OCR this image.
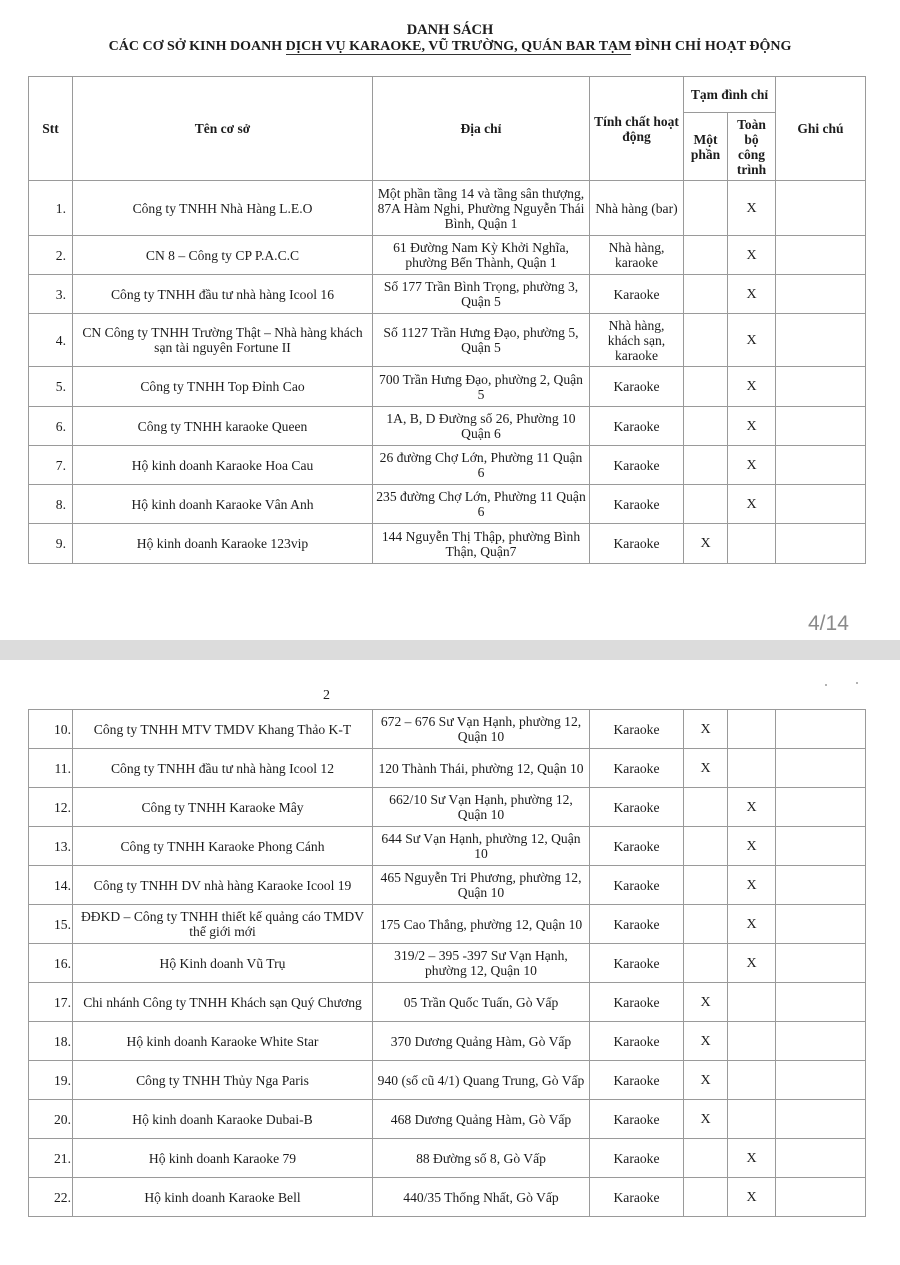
DANH SÁCH
CÁC CƠ SỞ KINH DOANH DỊCH VỤ KARAOKE, VŨ TRƯỜNG, QUÁN BAR TẠM ĐÌNH CHỈ HOẠT ĐỘNG
Stt	Tên cơ sở	Địa chỉ	Tính chất hoạt động	Tạm đình chỉ		Ghi chú
				Một phần	Toàn bộ công trình	
1.	Công ty TNHH Nhà Hàng L.E.O	Một phần tầng 14 và tầng sân thượng, 87A Hàm Nghi, Phường Nguyễn Thái Bình, Quận 1	Nhà hàng (bar)		X	
2.	CN 8 – Công ty CP P.A.C.C	61 Đường Nam Kỳ Khởi Nghĩa, phường Bến Thành, Quận 1	Nhà hàng, karaoke		X	
3.	Công ty TNHH đầu tư nhà hàng Icool 16	Số 177 Trần Bình Trọng, phường 3, Quận 5	Karaoke		X	
4.	CN Công ty TNHH Trường Thật – Nhà hàng khách sạn tài nguyên Fortune II	Số 1127 Trần Hưng Đạo, phường 5, Quận 5	Nhà hàng, khách sạn, karaoke		X	
5.	Công ty TNHH Top Đỉnh Cao	700 Trần Hưng Đạo, phường 2, Quận 5	Karaoke		X	
6.	Công ty TNHH karaoke Queen	1A, B, D Đường số 26, Phường 10 Quận 6	Karaoke		X	
7.	Hộ kinh doanh Karaoke Hoa Cau	26 đường Chợ Lớn, Phường 11 Quận 6	Karaoke		X	
8.	Hộ kinh doanh Karaoke Vân Anh	235 đường Chợ Lớn, Phường 11 Quận 6	Karaoke		X	
9.	Hộ kinh doanh Karaoke 123vip	144 Nguyễn Thị Thập, phường Bình Thận, Quận7	Karaoke	X		
4/14
2
10.	Công ty TNHH MTV TMDV Khang Thảo K-T	672 – 676 Sư Vạn Hạnh, phường 12, Quận 10	Karaoke	X		
11.	Công ty TNHH đầu tư nhà hàng Icool 12	120 Thành Thái, phường 12, Quận 10	Karaoke	X		
12.	Công ty TNHH Karaoke Mây	662/10 Sư Vạn Hạnh, phường 12, Quận 10	Karaoke		X	
13.	Công ty TNHH Karaoke Phong Cánh	644 Sư Vạn Hạnh, phường 12, Quận 10	Karaoke		X	
14.	Công ty TNHH DV nhà hàng Karaoke Icool 19	465 Nguyễn Tri Phương, phường 12, Quận 10	Karaoke		X	
15.	ĐĐKD – Công ty TNHH thiết kế quảng cáo TMDV thế giới mới	175 Cao Thắng, phường 12, Quận 10	Karaoke		X	
16.	Hộ Kinh doanh Vũ Trụ	319/2 – 395 -397 Sư Vạn Hạnh, phường 12, Quận 10	Karaoke		X	
17.	Chi nhánh Công ty TNHH Khách sạn Quý Chương	05 Trần Quốc Tuấn, Gò Vấp	Karaoke	X		
18.	Hộ kinh doanh Karaoke White Star	370 Dương Quảng Hàm, Gò Vấp	Karaoke	X		
19.	Công ty TNHH Thủy Nga Paris	940 (số cũ 4/1) Quang Trung, Gò Vấp	Karaoke	X		
20.	Hộ kinh doanh Karaoke Dubai-B	468 Dương Quảng Hàm, Gò Vấp	Karaoke	X		
21.	Hộ kinh doanh Karaoke 79	88 Đường số 8, Gò Vấp	Karaoke		X	
22.	Hộ kinh doanh Karaoke Bell	440/35 Thống Nhất, Gò Vấp	Karaoke		X	
